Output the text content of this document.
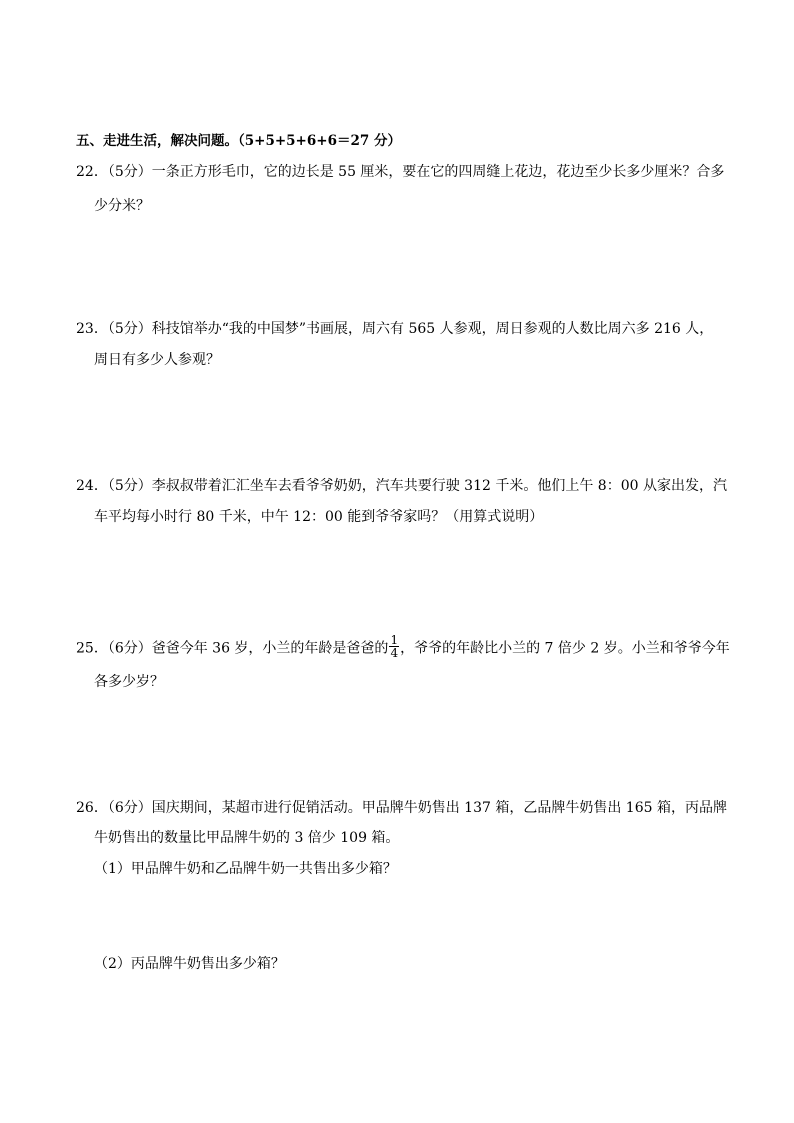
五、走进生活，解决问题。（5+5+5+6+6＝27 分）
22．（5分）一条正方形毛巾，它的边长是 55 厘米，要在它的四周缝上花边，花边至少长多少厘米？合多
少分米？
23．（5分）科技馆举办“我的中国梦”书画展，周六有 565 人参观，周日参观的人数比周六多 216 人，
周日有多少人参观？
24．（5分）李叔叔带着汇汇坐车去看爷爷奶奶，汽车共要行驶 312 千米。他们上午 8：00 从家出发，汽
车平均每小时行 80 千米，中午 12：00 能到爷爷家吗？（用算式说明）
25．（6分）爸爸今年 36 岁，小兰的年龄是爸爸的 $\frac{1}{4}$ ，爷爷的年龄比小兰的 7 倍少 2 岁。小兰和爷爷今年
各多少岁？
26．（6分）国庆期间，某超市进行促销活动。甲品牌牛奶售出 137 箱，乙品牌牛奶售出 165 箱，丙品牌
牛奶售出的数量比甲品牌牛奶的 3 倍少 109 箱。
（1）甲品牌牛奶和乙品牌牛奶一共售出多少箱？
（2）丙品牌牛奶售出多少箱？
